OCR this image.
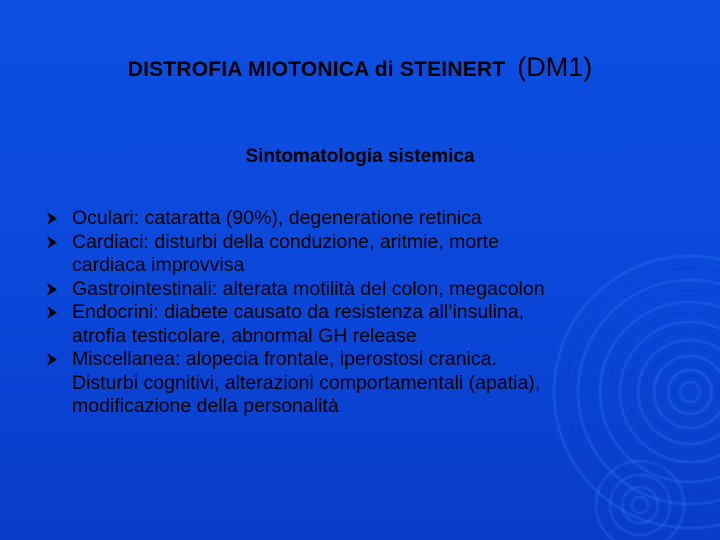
DISTROFIA MIOTONICA di STEINERT (DM1)
Sintomatologia sistemica
Oculari: cataratta (90%), degeneratione retinica
Cardiaci: disturbi della conduzione, aritmie, morte
cardiaca improvvisa
Gastrointestinali: alterata motilità del colon, megacolon
Endocrini: diabete causato da resistenza all’insulina,
atrofia testicolare, abnormal GH release
Miscellanea: alopecia frontale, iperostosi cranica.
Disturbi cognitivi, alterazioni comportamentali (apatia),
modificazione della personalità
